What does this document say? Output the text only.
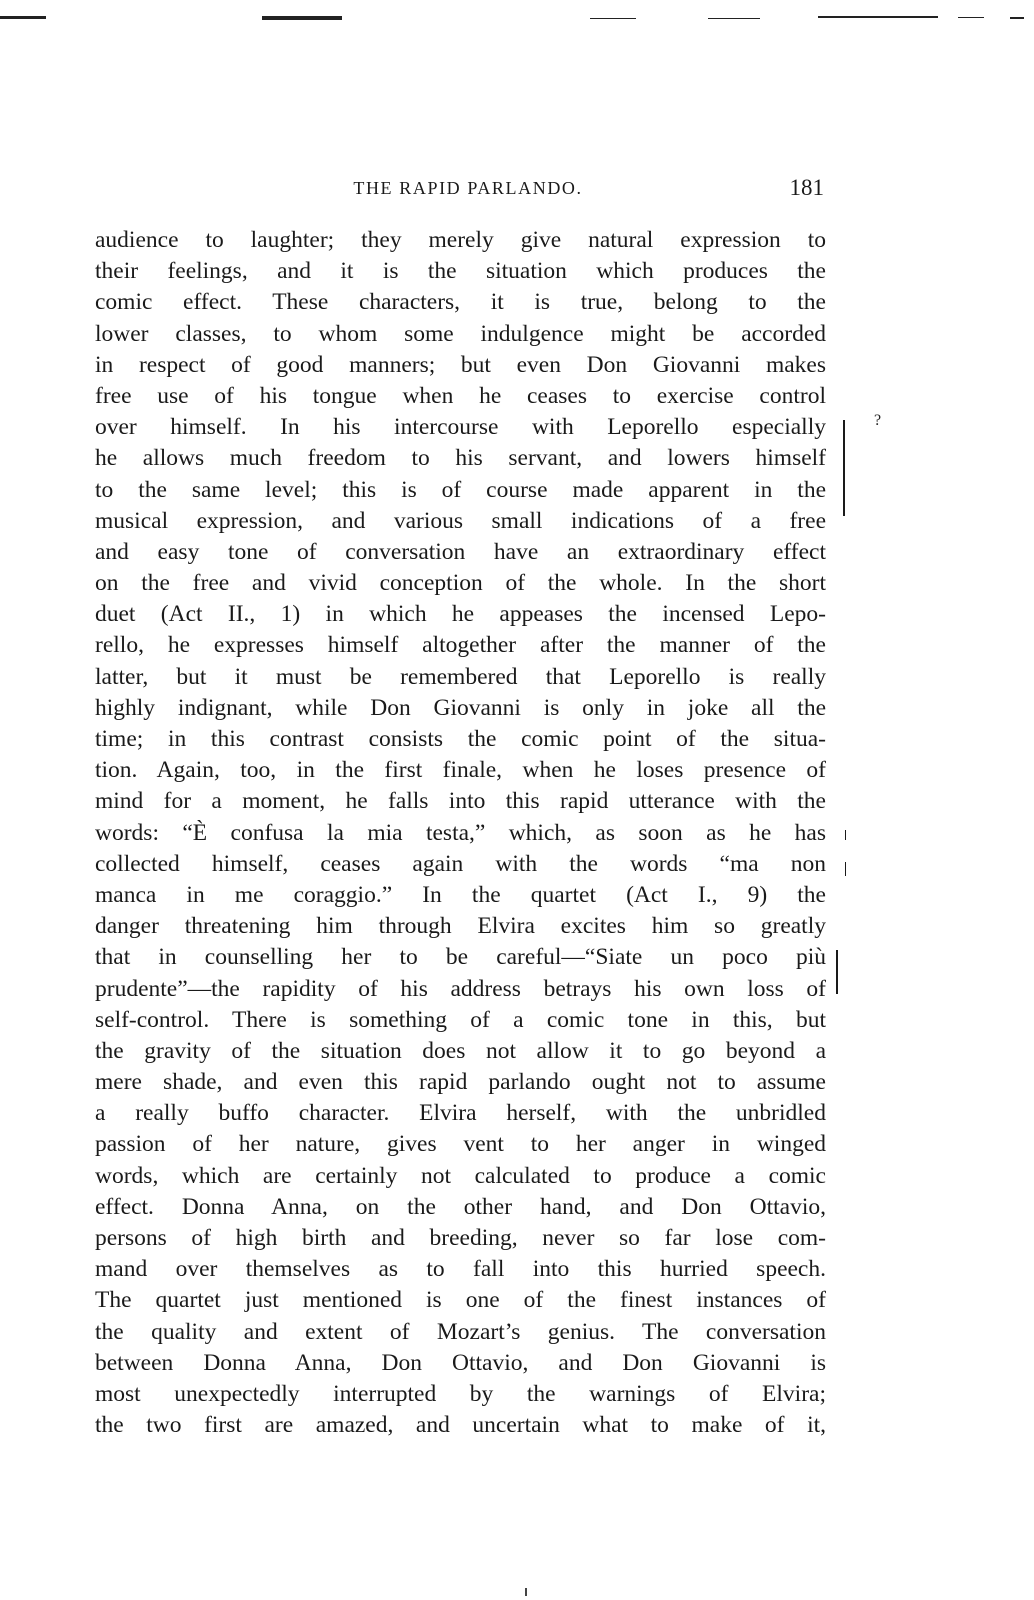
THE RAPID PARLANDO.	181
audience to laughter; they merely give natural expression to
their feelings, and it is the situation which produces the
comic effect. These characters, it is true, belong to the
lower classes, to whom some indulgence might be accorded
in respect of good manners; but even Don Giovanni makes
free use of his tongue when he ceases to exercise control
over himself. In his intercourse with Leporello especially
he allows much freedom to his servant, and lowers himself
to the same level; this is of course made apparent in the
musical expression, and various small indications of a free
and easy tone of conversation have an extraordinary effect
on the free and vivid conception of the whole. In the short
duet (Act II., 1) in which he appeases the incensed Lepo-
rello, he expresses himself altogether after the manner of the
latter, but it must be remembered that Leporello is really
highly indignant, while Don Giovanni is only in joke all the
time; in this contrast consists the comic point of the situa-
tion. Again, too, in the first finale, when he loses presence of
mind for a moment, he falls into this rapid utterance with the
words: “È confusa la mia testa,” which, as soon as he has
collected himself, ceases again with the words “ma non
manca in me coraggio.” In the quartet (Act I., 9) the
danger threatening him through Elvira excites him so greatly
that in counselling her to be careful—“Siate un poco più
prudente”—the rapidity of his address betrays his own loss of
self-control. There is something of a comic tone in this, but
the gravity of the situation does not allow it to go beyond a
mere shade, and even this rapid parlando ought not to assume
a really buffo character. Elvira herself, with the unbridled
passion of her nature, gives vent to her anger in winged
words, which are certainly not calculated to produce a comic
effect. Donna Anna, on the other hand, and Don Ottavio,
persons of high birth and breeding, never so far lose com-
mand over themselves as to fall into this hurried speech.
The quartet just mentioned is one of the finest instances of
the quality and extent of Mozart’s genius. The conversation
between Donna Anna, Don Ottavio, and Don Giovanni is
most unexpectedly interrupted by the warnings of Elvira;
the two first are amazed, and uncertain what to make of it,
?
